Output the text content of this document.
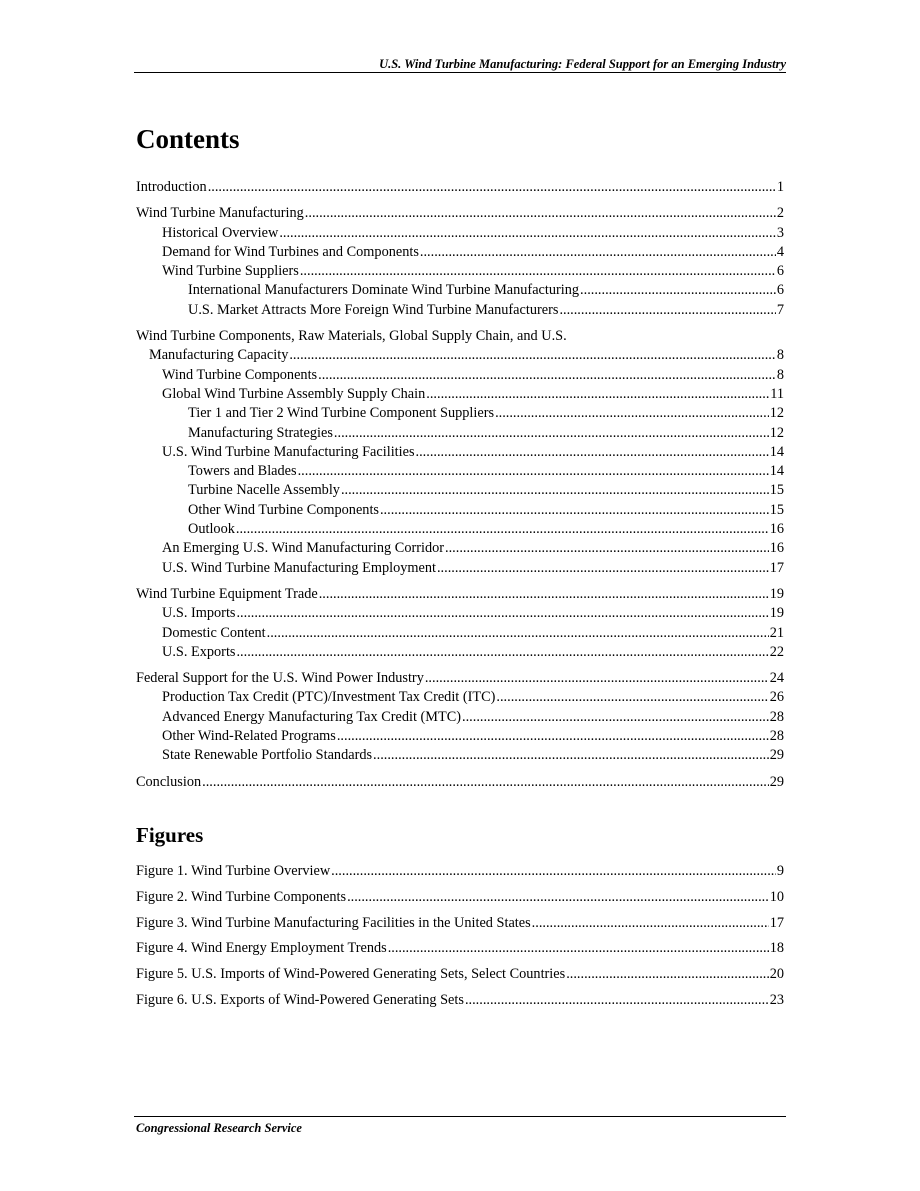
U.S. Wind Turbine Manufacturing: Federal Support for an Emerging Industry
Contents
Introduction .....	1
Wind Turbine Manufacturing .....	2
Historical Overview .....	3
Demand for Wind Turbines and Components .....	4
Wind Turbine Suppliers .....	6
International Manufacturers Dominate Wind Turbine Manufacturing .....	6
U.S. Market Attracts More Foreign Wind Turbine Manufacturers .....	7
Wind Turbine Components, Raw Materials, Global Supply Chain, and U.S.
Manufacturing Capacity .....	8
Wind Turbine Components .....	8
Global Wind Turbine Assembly Supply Chain .....	11
Tier 1 and Tier 2 Wind Turbine Component Suppliers .....	12
Manufacturing Strategies .....	12
U.S. Wind Turbine Manufacturing Facilities .....	14
Towers and Blades .....	14
Turbine Nacelle Assembly .....	15
Other Wind Turbine Components .....	15
Outlook .....	16
An Emerging U.S. Wind Manufacturing Corridor .....	16
U.S. Wind Turbine Manufacturing Employment .....	17
Wind Turbine Equipment Trade .....	19
U.S. Imports .....	19
Domestic Content .....	21
U.S. Exports .....	22
Federal Support for the U.S. Wind Power Industry .....	24
Production Tax Credit (PTC)/Investment Tax Credit (ITC) .....	26
Advanced Energy Manufacturing Tax Credit (MTC) .....	28
Other Wind-Related Programs .....	28
State Renewable Portfolio Standards .....	29
Conclusion .....	29
Figures
Figure 1. Wind Turbine Overview .....	9
Figure 2. Wind Turbine Components .....	10
Figure 3. Wind Turbine Manufacturing Facilities in the United States .....	17
Figure 4. Wind Energy Employment Trends .....	18
Figure 5. U.S. Imports of Wind-Powered Generating Sets, Select Countries .....	20
Figure 6. U.S. Exports of Wind-Powered Generating Sets .....	23
Congressional Research Service
